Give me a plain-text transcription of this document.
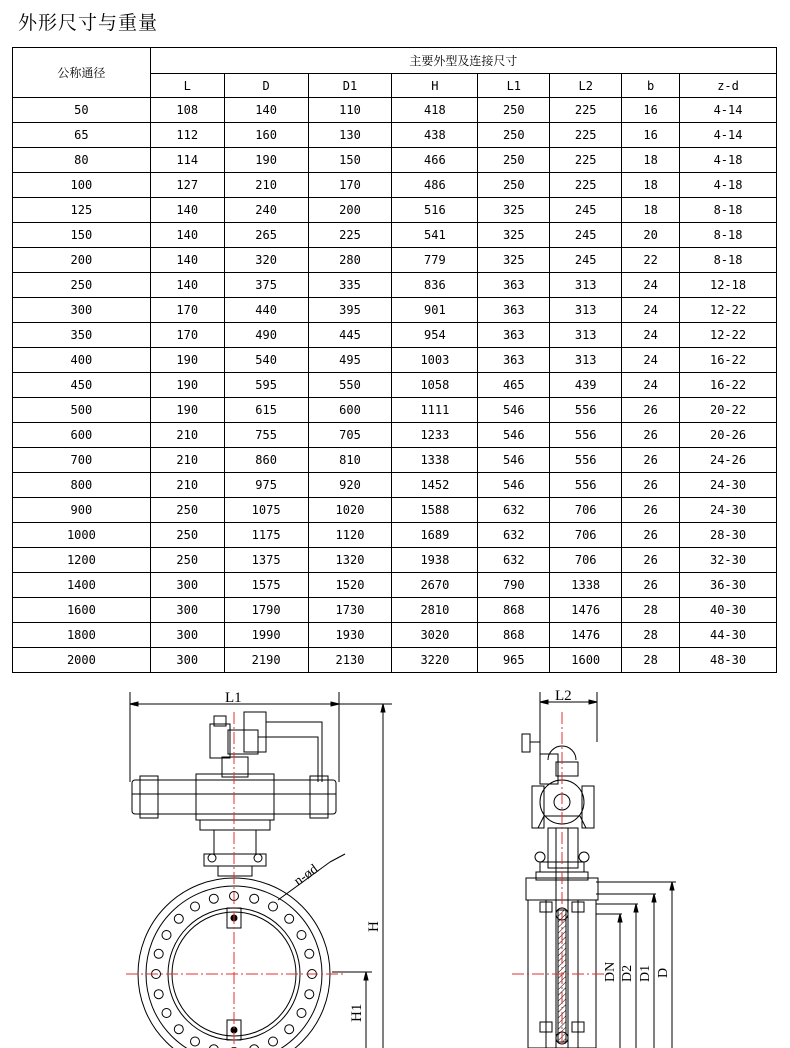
外形尺寸与重量
公称通径	主要外型及连接尺寸							
	L	D	D1	H	L1	L2	b	z-d
50	108	140	110	418	250	225	16	4-14
65	112	160	130	438	250	225	16	4-14
80	114	190	150	466	250	225	18	4-18
100	127	210	170	486	250	225	18	4-18
125	140	240	200	516	325	245	18	8-18
150	140	265	225	541	325	245	20	8-18
200	140	320	280	779	325	245	22	8-18
250	140	375	335	836	363	313	24	12-18
300	170	440	395	901	363	313	24	12-22
350	170	490	445	954	363	313	24	12-22
400	190	540	495	1003	363	313	24	16-22
450	190	595	550	1058	465	439	24	16-22
500	190	615	600	1111	546	556	26	20-22
600	210	755	705	1233	546	556	26	20-26
700	210	860	810	1338	546	556	26	24-26
800	210	975	920	1452	546	556	26	24-30
900	250	1075	1020	1588	632	706	26	24-30
1000	250	1175	1120	1689	632	706	26	28-30
1200	250	1375	1320	1938	632	706	26	32-30
1400	300	1575	1520	2670	790	1338	26	36-30
1600	300	1790	1730	2810	868	1476	28	40-30
1800	300	1990	1930	3020	868	1476	28	44-30
2000	300	2190	2130	3220	965	1600	28	48-30
L1
H
H1
n-ød
L2
DN D2 D1 D
